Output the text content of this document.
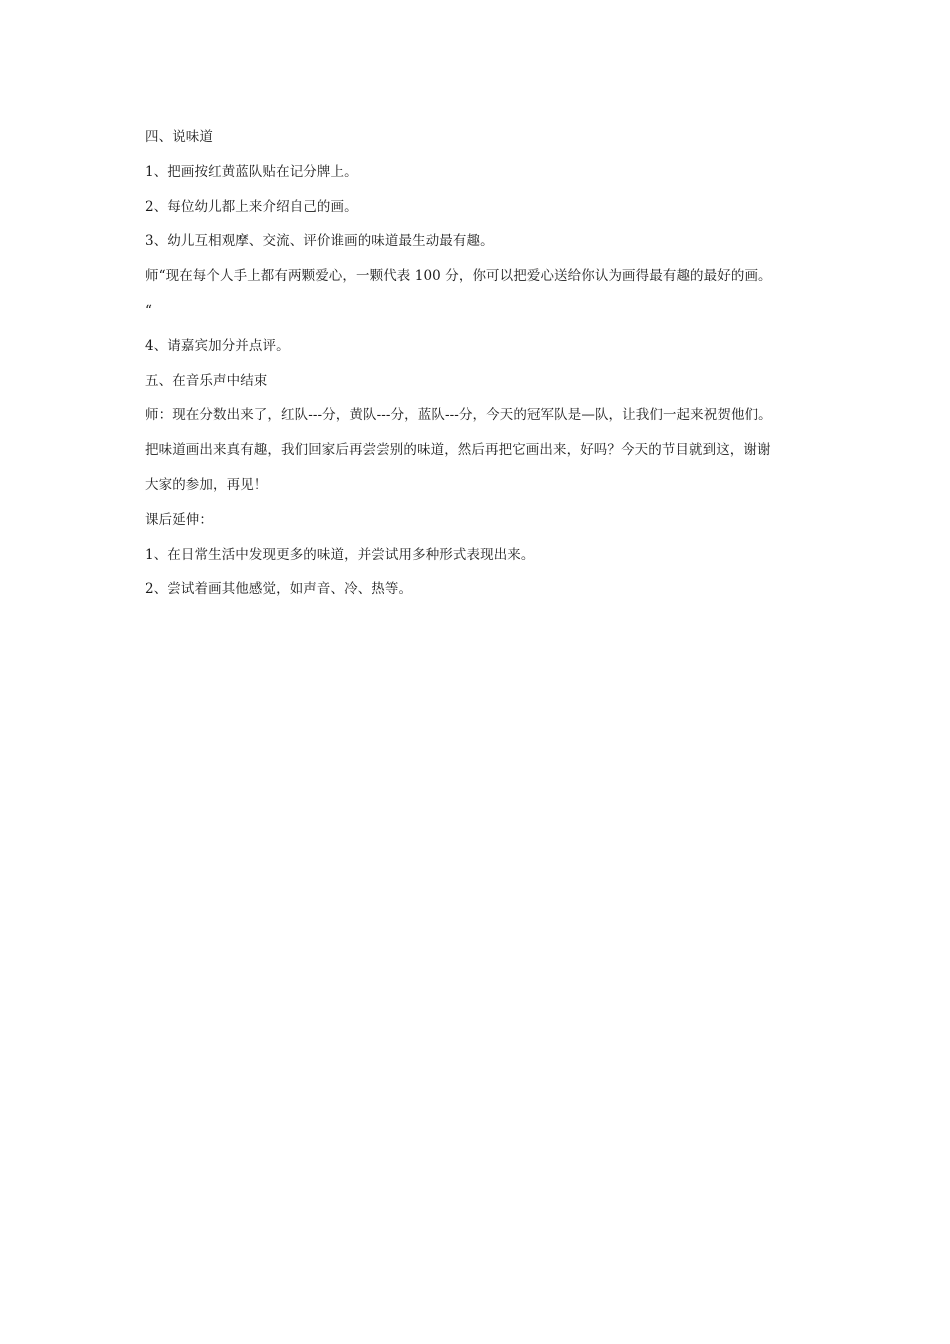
四、说味道
1、把画按红黄蓝队贴在记分牌上。
2、每位幼儿都上来介绍自己的画。
3、幼儿互相观摩、交流、评价谁画的味道最生动最有趣。
师“现在每个人手上都有两颗爱心，一颗代表 100 分，你可以把爱心送给你认为画得最有趣的最好的画。
“
4、请嘉宾加分并点评。
五、在音乐声中结束
师：现在分数出来了，红队---分，黄队---分，蓝队---分，今天的冠军队是—队，让我们一起来祝贺他们。
把味道画出来真有趣，我们回家后再尝尝别的味道，然后再把它画出来，好吗？今天的节目就到这，谢谢
大家的参加，再见！
课后延伸：
1、在日常生活中发现更多的味道，并尝试用多种形式表现出来。
2、尝试着画其他感觉，如声音、冷、热等。
